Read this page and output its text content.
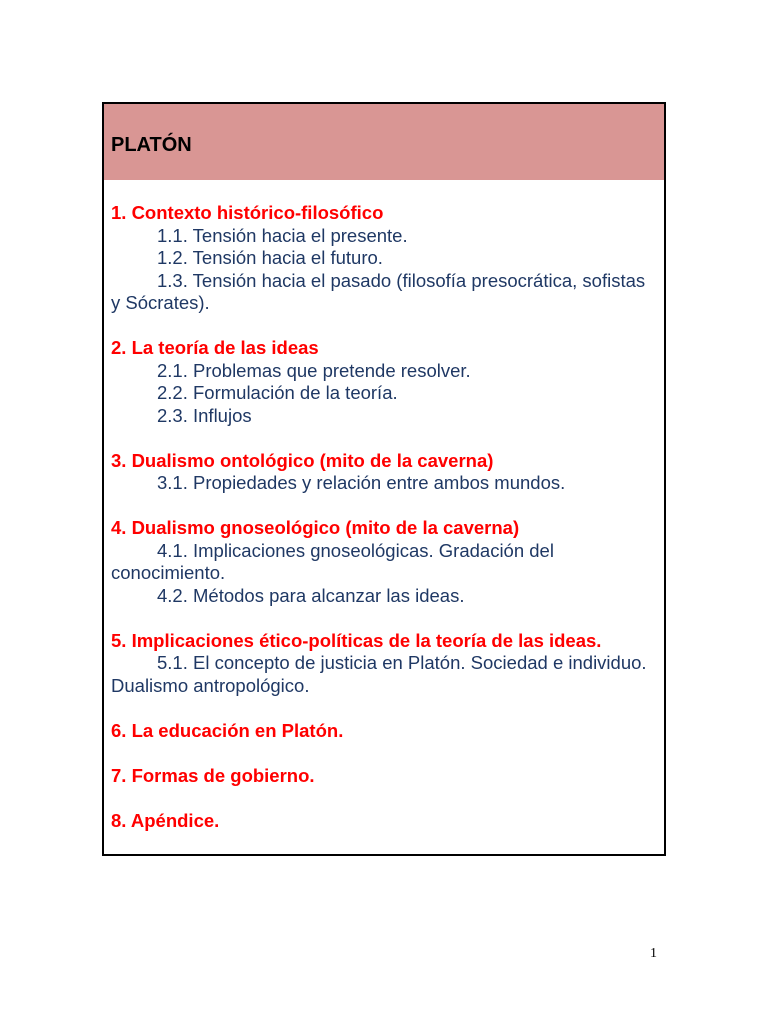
PLATÓN
1. Contexto histórico-filosófico
1.1. Tensión hacia el presente.
1.2. Tensión hacia el futuro.
1.3. Tensión hacia el pasado (filosofía presocrática, sofistas y Sócrates).
2. La teoría de las ideas
2.1. Problemas que pretende resolver.
2.2. Formulación de la teoría.
2.3. Influjos
3. Dualismo ontológico (mito de la caverna)
3.1. Propiedades y relación entre ambos mundos.
4. Dualismo gnoseológico (mito de la caverna)
4.1. Implicaciones gnoseológicas. Gradación del conocimiento.
4.2. Métodos para alcanzar las ideas.
5. Implicaciones ético-políticas de la teoría de las ideas.
5.1. El concepto de justicia en Platón. Sociedad e individuo. Dualismo antropológico.
6. La educación en Platón.
7. Formas de gobierno.
8. Apéndice.
1
